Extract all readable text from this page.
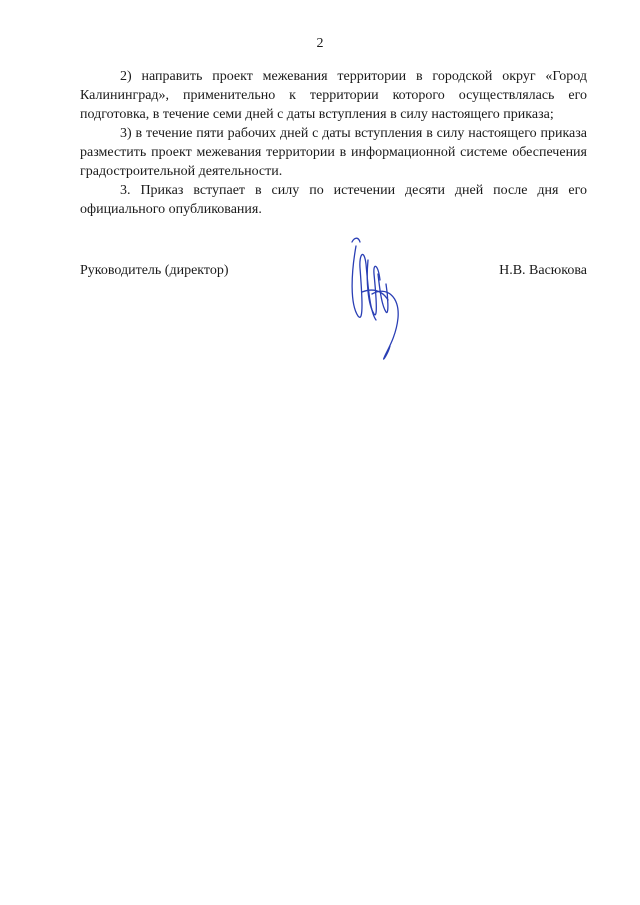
2

2) направить проект межевания территории в городской округ «Город Калининград», применительно к территории которого осуществлялась его подготовка, в течение семи дней с даты вступления в силу настоящего приказа;

3) в течение пяти рабочих дней с даты вступления в силу настоящего приказа разместить проект межевания территории в информационной системе обеспечения градостроительной деятельности.

3. Приказ вступает в силу по истечении десяти дней после дня его официального опубликования.

Руководитель (директор)	Н.В. Васюкова
